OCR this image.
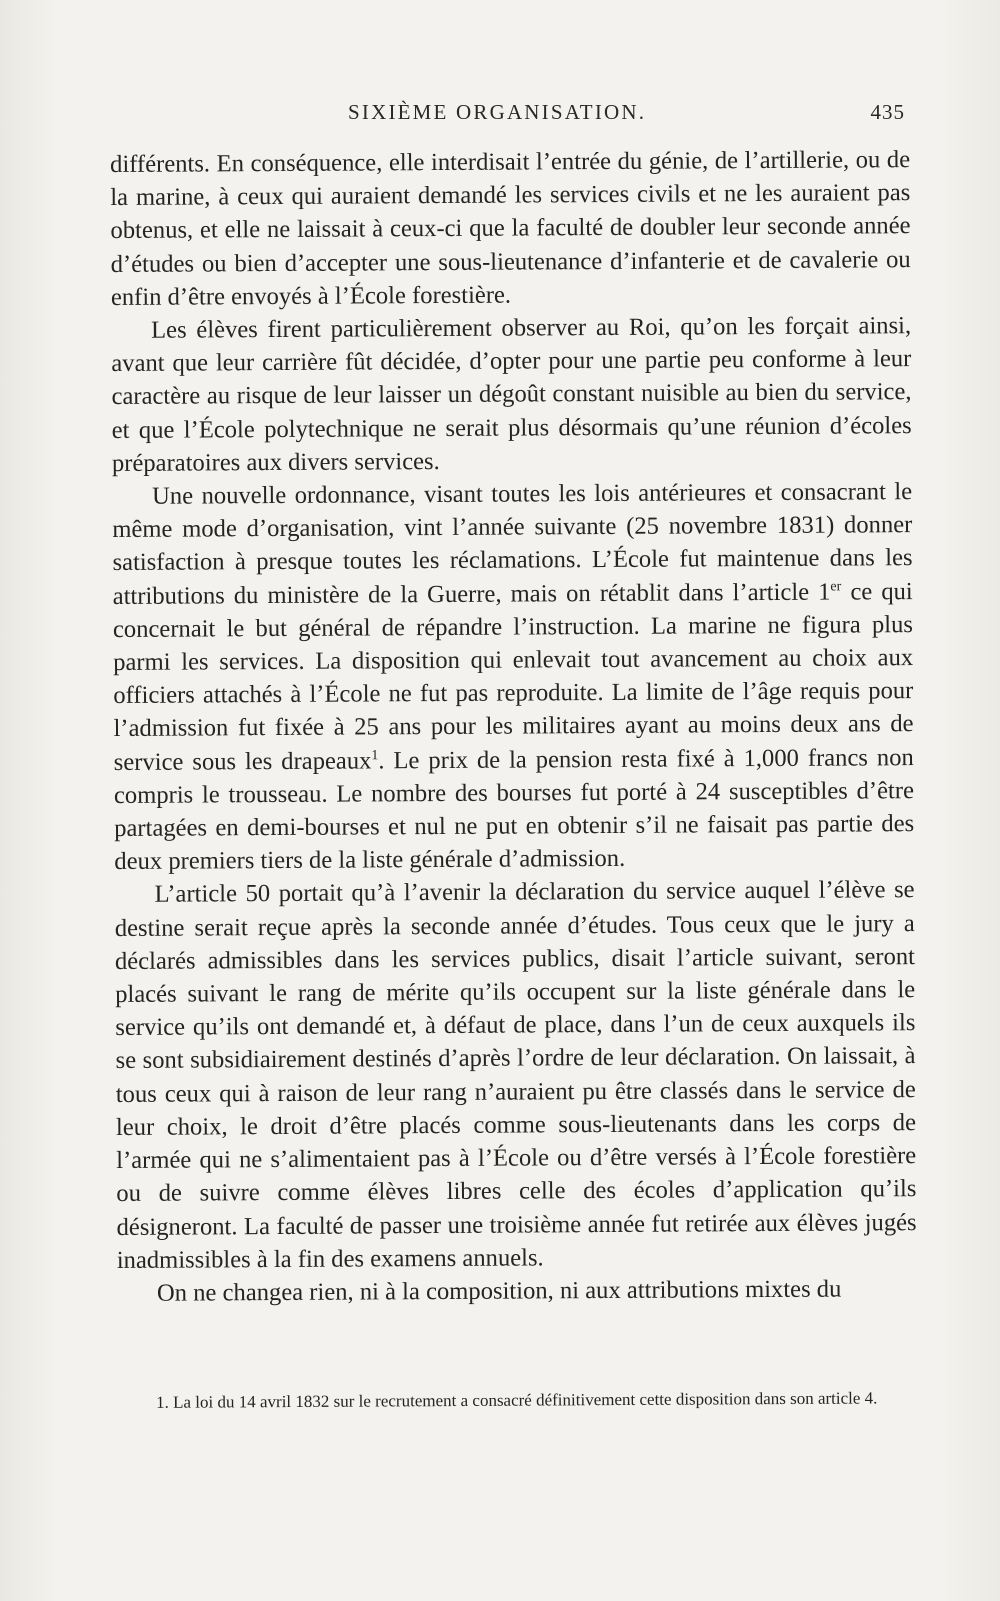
SIXIÈME ORGANISATION.	435

différents. En conséquence, elle interdisait l’entrée du génie, de l’artillerie, ou de la marine, à ceux qui auraient demandé les services civils et ne les auraient pas obtenus, et elle ne laissait à ceux-ci que la faculté de doubler leur seconde année d’études ou bien d’accepter une sous-lieutenance d’infanterie et de cavalerie ou enfin d’être envoyés à l’École forestière.

Les élèves firent particulièrement observer au Roi, qu’on les forçait ainsi, avant que leur carrière fût décidée, d’opter pour une partie peu conforme à leur caractère au risque de leur laisser un dégoût constant nuisible au bien du service, et que l’École polytechnique ne serait plus désormais qu’une réunion d’écoles préparatoires aux divers services.

Une nouvelle ordonnance, visant toutes les lois antérieures et consacrant le même mode d’organisation, vint l’année suivante (25 novembre 1831) donner satisfaction à presque toutes les réclamations. L’École fut maintenue dans les attributions du ministère de la Guerre, mais on rétablit dans l’article 1er ce qui concernait le but général de répandre l’instruction. La marine ne figura plus parmi les services. La disposition qui enlevait tout avancement au choix aux officiers attachés à l’École ne fut pas reproduite. La limite de l’âge requis pour l’admission fut fixée à 25 ans pour les militaires ayant au moins deux ans de service sous les drapeaux$^1$. Le prix de la pension resta fixé à 1,000 francs non compris le trousseau. Le nombre des bourses fut porté à 24 susceptibles d’être partagées en demi-bourses et nul ne put en obtenir s’il ne faisait pas partie des deux premiers tiers de la liste générale d’admission.

L’article 50 portait qu’à l’avenir la déclaration du service auquel l’élève se destine serait reçue après la seconde année d’études. Tous ceux que le jury a déclarés admissibles dans les services publics, disait l’article suivant, seront placés suivant le rang de mérite qu’ils occupent sur la liste générale dans le service qu’ils ont demandé et, à défaut de place, dans l’un de ceux auxquels ils se sont subsidiairement destinés d’après l’ordre de leur déclaration. On laissait, à tous ceux qui à raison de leur rang n’auraient pu être classés dans le service de leur choix, le droit d’être placés comme sous-lieutenants dans les corps de l’armée qui ne s’alimentaient pas à l’École ou d’être versés à l’École forestière ou de suivre comme élèves libres celle des écoles d’application qu’ils désigneront. La faculté de passer une troisième année fut retirée aux élèves jugés inadmissibles à la fin des examens annuels.

On ne changea rien, ni à la composition, ni aux attributions mixtes du

1. La loi du 14 avril 1832 sur le recrutement a consacré définitivement cette disposition dans son article 4.
